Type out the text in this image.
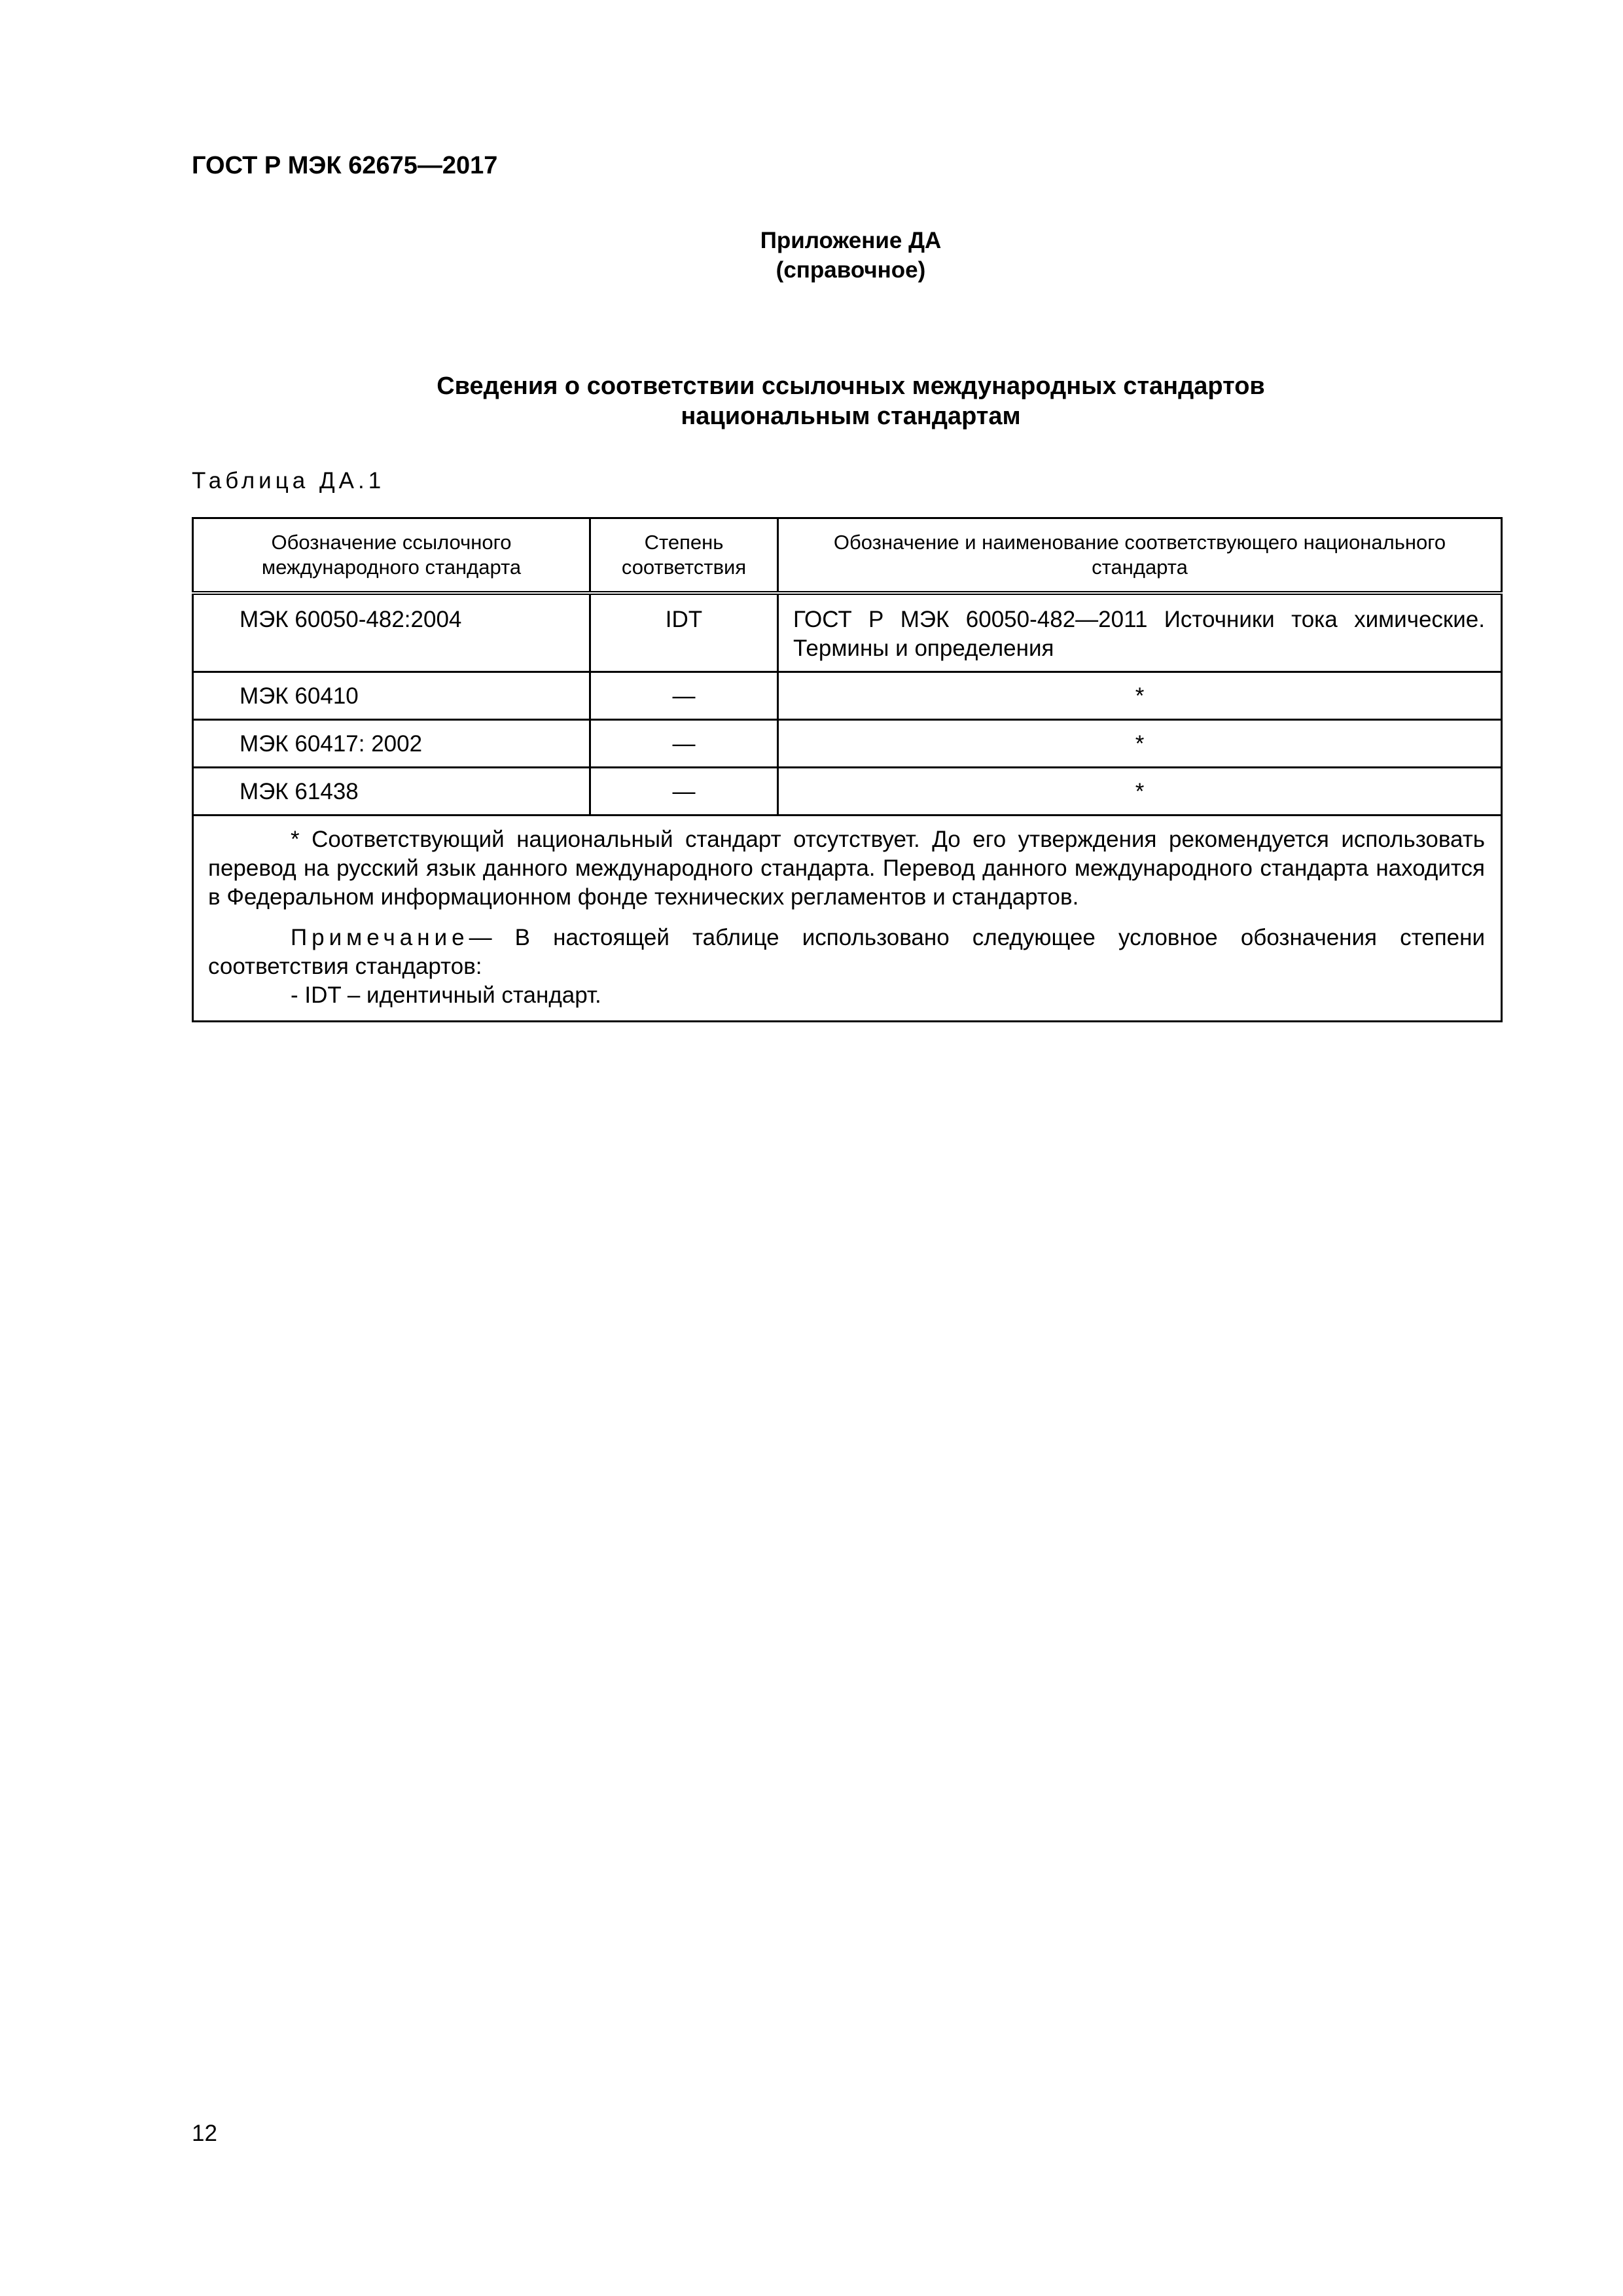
ГОСТ Р МЭК 62675—2017
Приложение ДА
(справочное)
Сведения о соответствии ссылочных международных стандартов
национальным стандартам
Таблица ДА.1
Обозначение ссылочного международного стандарта	Степень соответствия	Обозначение и наименование соответствующего национального стандарта

МЭК 60050-482:2004	IDT	ГОСТ Р МЭК 60050-482—2011 Источники тока химические. Термины и определения

МЭК 60410	—	*

МЭК 60417: 2002	—	*

МЭК 61438	—	*

* Соответствующий национальный стандарт отсутствует. До его утверждения рекомендуется использовать перевод на русский язык данного международного стандарта. Перевод данного международного стандарта находится в Федеральном информационном фонде технических регламентов и стандартов.

Примечание— В настоящей таблице использовано следующее условное обозначения степени соответствия стандартов:

- IDT – идентичный стандарт.		

12
